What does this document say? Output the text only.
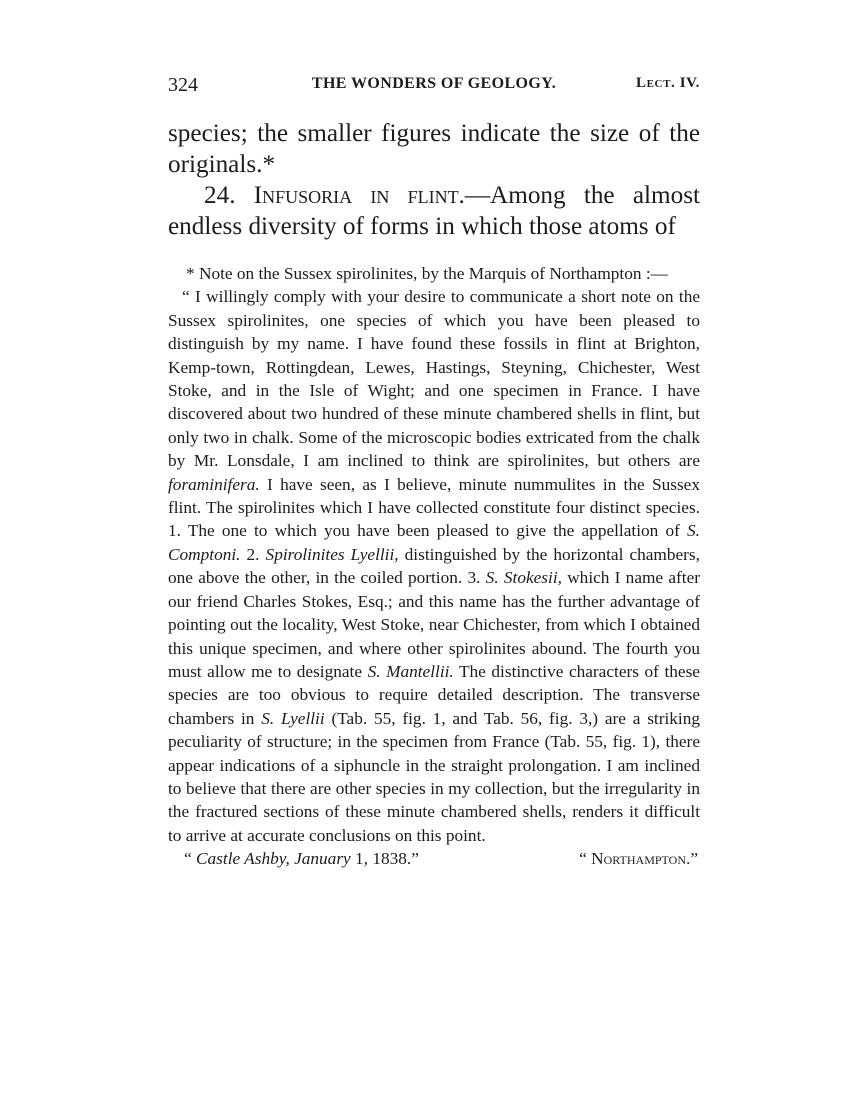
324	THE WONDERS OF GEOLOGY.	Lect. IV.

species; the smaller figures indicate the size of the originals.*

24. Infusoria in flint.—Among the almost endless diversity of forms in which those atoms of

* Note on the Sussex spirolinites, by the Marquis of Northampton :—

“ I willingly comply with your desire to communicate a short note on the Sussex spirolinites, one species of which you have been pleased to distinguish by my name. I have found these fossils in flint at Brighton, Kemp-town, Rottingdean, Lewes, Hastings, Steyning, Chichester, West Stoke, and in the Isle of Wight; and one specimen in France. I have discovered about two hundred of these minute chambered shells in flint, but only two in chalk. Some of the microscopic bodies extricated from the chalk by Mr. Lonsdale, I am inclined to think are spirolinites, but others are foraminifera. I have seen, as I believe, minute nummulites in the Sussex flint. The spirolinites which I have collected constitute four distinct species. 1. The one to which you have been pleased to give the appellation of S. Comptoni. 2. Spirolinites Lyellii, distinguished by the horizontal chambers, one above the other, in the coiled portion. 3. S. Stokesii, which I name after our friend Charles Stokes, Esq.; and this name has the further advantage of pointing out the locality, West Stoke, near Chichester, from which I obtained this unique specimen, and where other spirolinites abound. The fourth you must allow me to designate S. Mantellii. The distinctive characters of these species are too obvious to require detailed description. The transverse chambers in S. Lyellii (Tab. 55, fig. 1, and Tab. 56, fig. 3,) are a striking peculiarity of structure; in the specimen from France (Tab. 55, fig. 1), there appear indications of a siphuncle in the straight prolongation. I am inclined to believe that there are other species in my collection, but the irregularity in the fractured sections of these minute chambered shells, renders it difficult to arrive at accurate conclusions on this point.

“ Castle Ashby, January 1, 1838.”	“ Northampton.”
